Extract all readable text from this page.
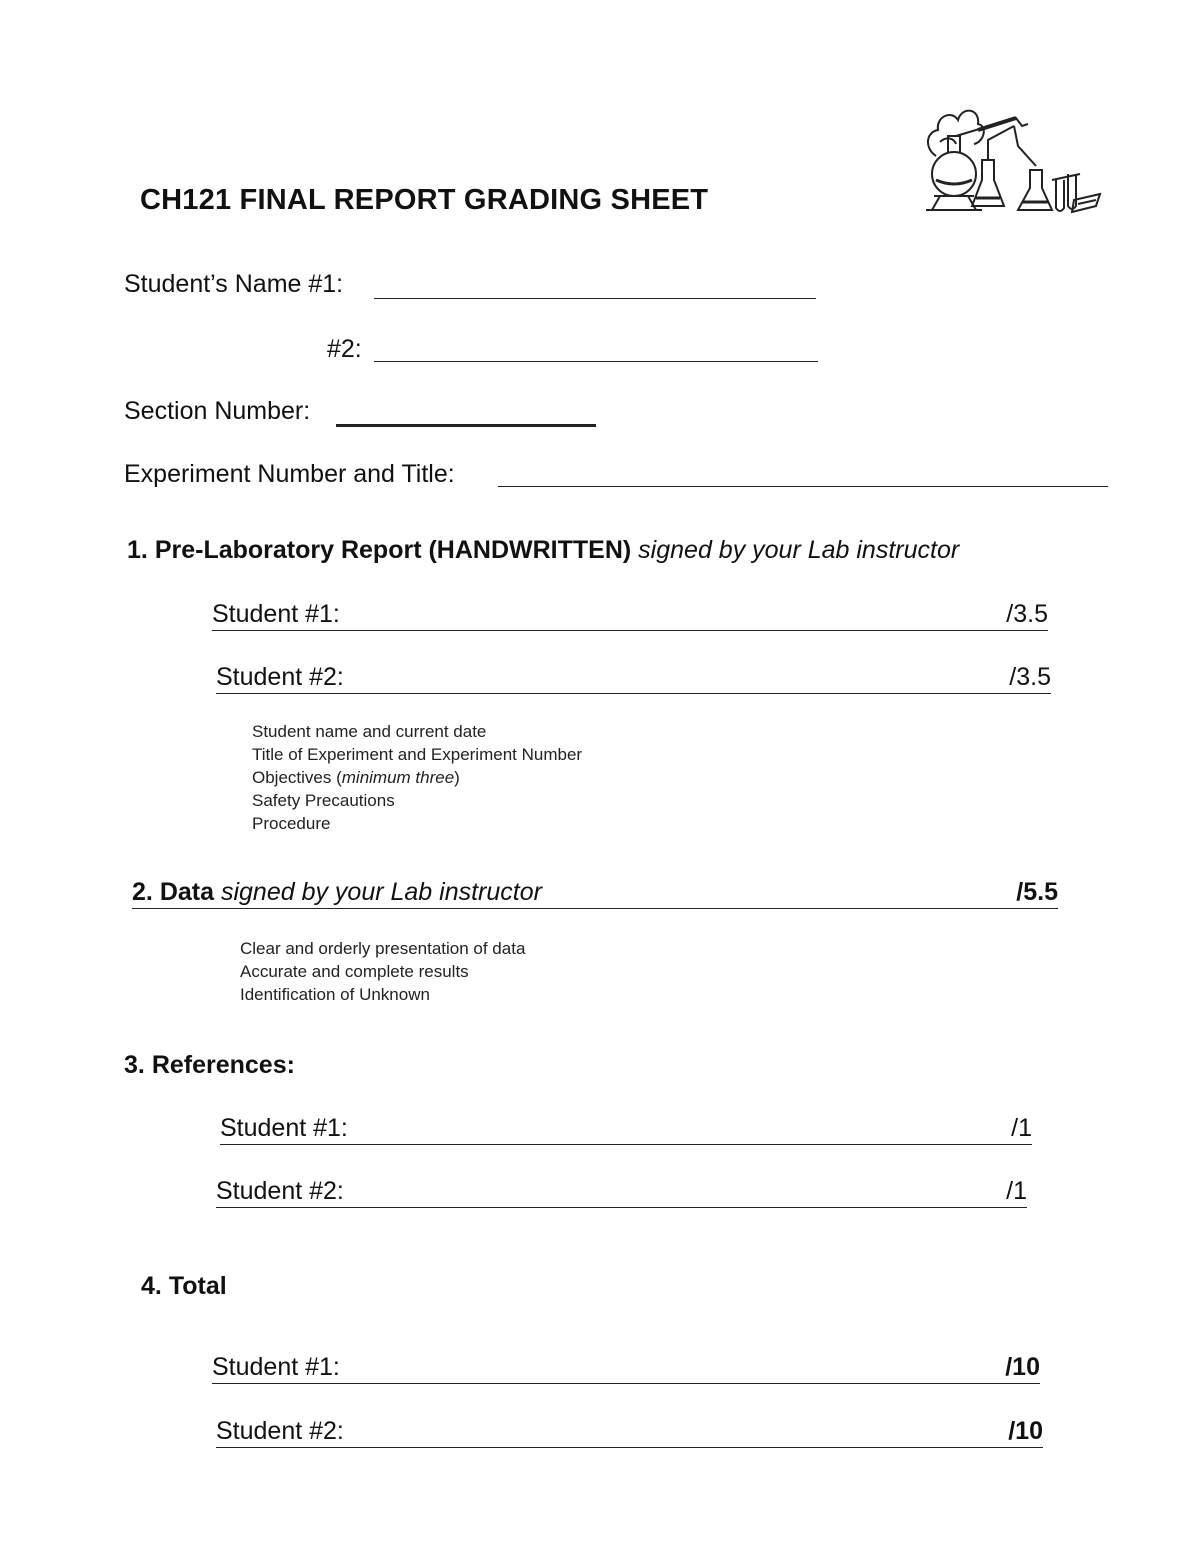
CH121 FINAL REPORT GRADING SHEET
Student’s Name #1:
#2:
Section Number:
Experiment Number and Title:
1. Pre-Laboratory Report (HANDWRITTEN) signed by your Lab instructor
Student #1:	/3.5
Student #2:	/3.5
Student name and current date
Title of Experiment and Experiment Number
Objectives (minimum three)
Safety Precautions
Procedure
2. Data signed by your Lab instructor	/5.5
Clear and orderly presentation of data
Accurate and complete results
Identification of Unknown
3. References:
Student #1:	/1
Student #2:	/1
4. Total
Student #1:	/10
Student #2:	/10
